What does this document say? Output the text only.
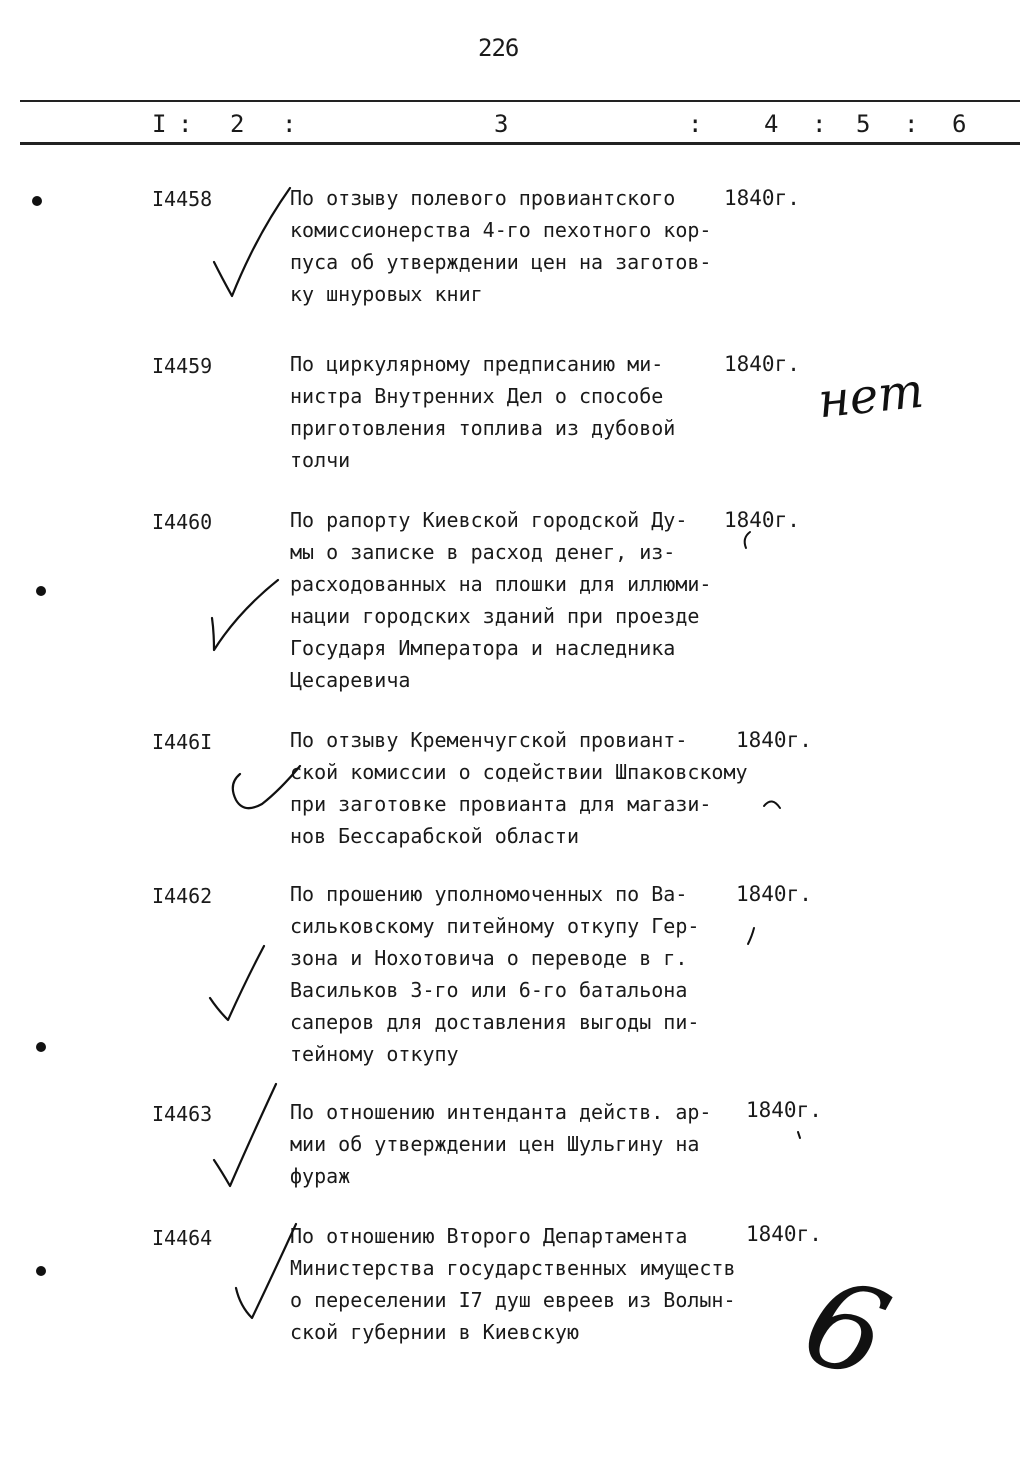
226
I : 2 :	3	:	4 : 5 : 6
I4458	По отзыву полевого провиантского
комиссионерства 4-го пехотного кор-
пуса об утверждении цен на заготов-
ку шнуровых книг
1840г.
I4459	По циркулярному предписанию ми-
нистра Внутренних Дел о способе
приготовления топлива из дубовой
толчи
1840г.
I4460	По рапорту Киевской городской Ду-
мы о записке в расход денег, из-
расходованных на плошки для иллюми-
нации городских зданий при проезде
Государя Императора и наследника
Цесаревича
1840г.
I446I	По отзыву Кременчугской провиант-
ской комиссии о содействии Шпаковскому
при заготовке провианта для магази-
нов Бессарабской области
1840г.
I4462	По прошению уполномоченных по Ва-
сильковскому питейному откупу Гер-
зона и Нохотовича о переводе в г.
Васильков 3-го или 6-го батальона
саперов для доставления выгоды пи-
тейному откупу
1840г.
I4463	По отношению интенданта действ. ар-
мии об утверждении цен Шульгину на
фураж
1840г.
I4464	По отношению Второго Департамента
Министерства государственных имуществ
о переселении I7 душ евреев из Волын-
ской губернии в Киевскую
1840г.
нет
6
